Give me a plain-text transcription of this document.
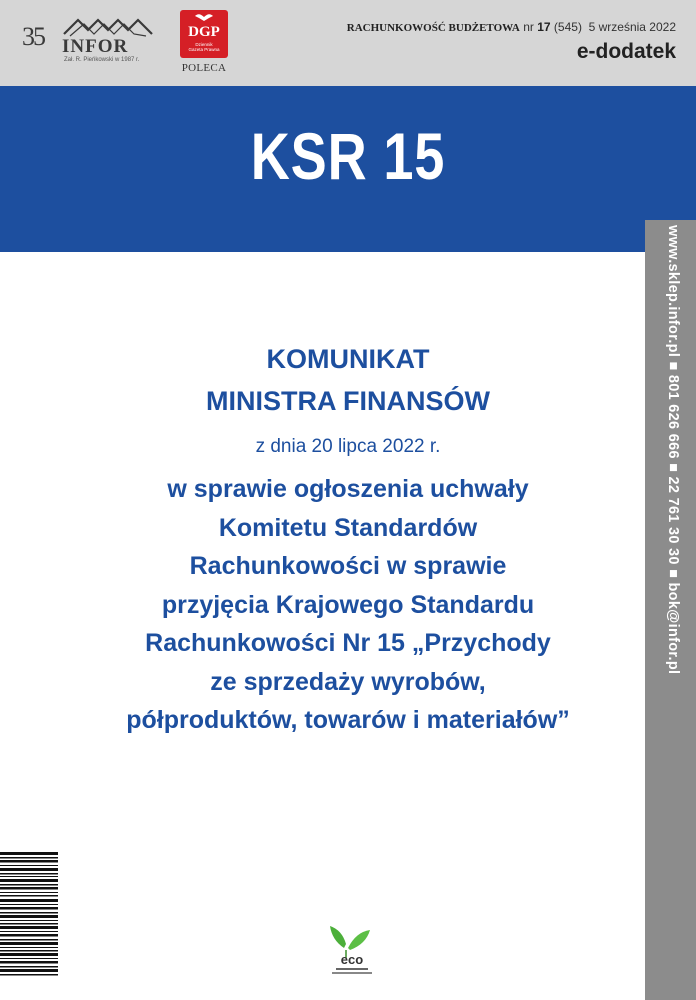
35 INFOR
Zał. R. Pieńkowski w 1987 r.
DGP
Dziennik
Gazeta Prawna
POLECA
RACHUNKOWOŚĆ BUDŻETOWA nr 17 (545) 5 września 2022
e-dodatek
KSR 15
www.sklep.infor.pl ■ 801 626 666 ■ 22 761 30 30 ■ bok@infor.pl
KOMUNIKAT
MINISTRA FINANSÓW
z dnia 20 lipca 2022 r.
w sprawie ogłoszenia uchwały
Komitetu Standardów
Rachunkowości w sprawie
przyjęcia Krajowego Standardu
Rachunkowości Nr 15 „Przychody
ze sprzedaży wyrobów,
półproduktów, towarów i materiałów”
eco
